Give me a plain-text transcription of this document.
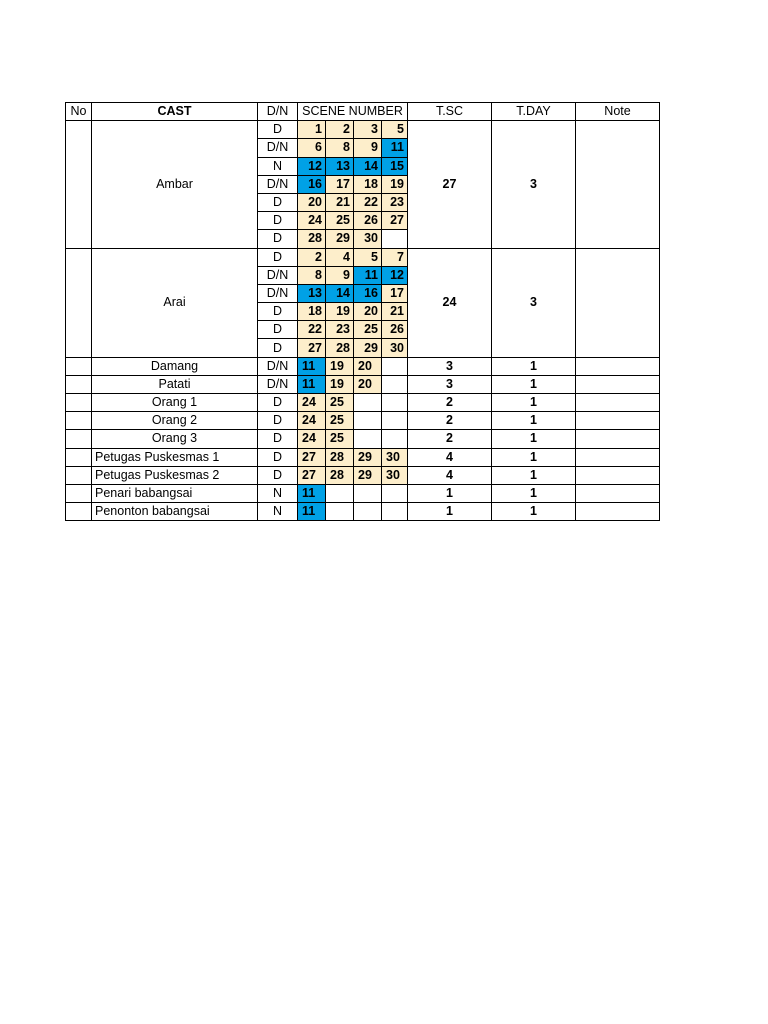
No	CAST	D/N	SCENE NUMBER				T.SC	T.DAY	Note
	Ambar	D	1	2	3	5	27	3	
		D/N	6	8	9	11			
		N	12	13	14	15			
		D/N	16	17	18	19			
		D	20	21	22	23			
		D	24	25	26	27			
		D	28	29	30				
	Arai	D	2	4	5	7	24	3	
		D/N	8	9	11	12			
		D/N	13	14	16	17			
		D	18	19	20	21			
		D	22	23	25	26			
		D	27	28	29	30			
	Damang	D/N	11	19	20		3	1	
	Patati	D/N	11	19	20		3	1	
	Orang 1	D	24	25			2	1	
	Orang 2	D	24	25			2	1	
	Orang 3	D	24	25			2	1	
	Petugas Puskesmas 1	D	27	28	29	30	4	1	
	Petugas Puskesmas 2	D	27	28	29	30	4	1	
	Penari babangsai	N	11				1	1	
	Penonton babangsai	N	11				1	1	
